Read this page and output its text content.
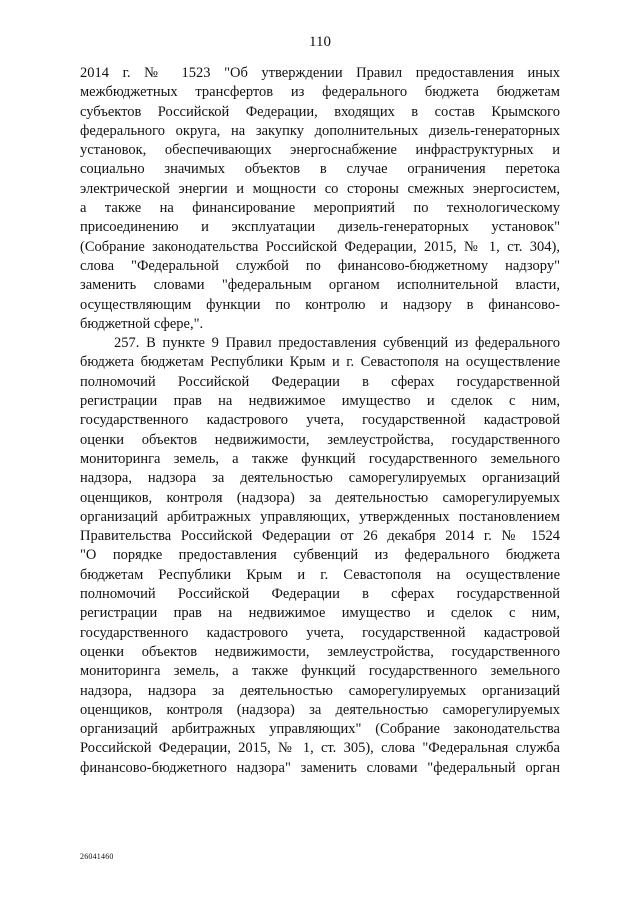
110
2014 г. № 1523 "Об утверждении Правил предоставления иных
межбюджетных трансфертов из федерального бюджета бюджетам
субъектов Российской Федерации, входящих в состав Крымского
федерального округа, на закупку дополнительных дизель-генераторных
установок, обеспечивающих энергоснабжение инфраструктурных и
социально значимых объектов в случае ограничения перетока
электрической энергии и мощности со стороны смежных энергосистем,
а также на финансирование мероприятий по технологическому
присоединению и эксплуатации дизель-генераторных установок"
(Собрание законодательства Российской Федерации, 2015, № 1, ст. 304),
слова "Федеральной службой по финансово-бюджетному надзору"
заменить словами "федеральным органом исполнительной власти,
осуществляющим функции по контролю и надзору в финансово-
бюджетной сфере,".
257. В пункте 9 Правил предоставления субвенций из федерального
бюджета бюджетам Республики Крым и г. Севастополя на осуществление
полномочий Российской Федерации в сферах государственной
регистрации прав на недвижимое имущество и сделок с ним,
государственного кадастрового учета, государственной кадастровой
оценки объектов недвижимости, землеустройства, государственного
мониторинга земель, а также функций государственного земельного
надзора, надзора за деятельностью саморегулируемых организаций
оценщиков, контроля (надзора) за деятельностью саморегулируемых
организаций арбитражных управляющих, утвержденных постановлением
Правительства Российской Федерации от 26 декабря 2014 г. № 1524
"О порядке предоставления субвенций из федерального бюджета
бюджетам Республики Крым и г. Севастополя на осуществление
полномочий Российской Федерации в сферах государственной
регистрации прав на недвижимое имущество и сделок с ним,
государственного кадастрового учета, государственной кадастровой
оценки объектов недвижимости, землеустройства, государственного
мониторинга земель, а также функций государственного земельного
надзора, надзора за деятельностью саморегулируемых организаций
оценщиков, контроля (надзора) за деятельностью саморегулируемых
организаций арбитражных управляющих" (Собрание законодательства
Российской Федерации, 2015, № 1, ст. 305), слова "Федеральная служба
финансово-бюджетного надзора" заменить словами "федеральный орган
26041460
